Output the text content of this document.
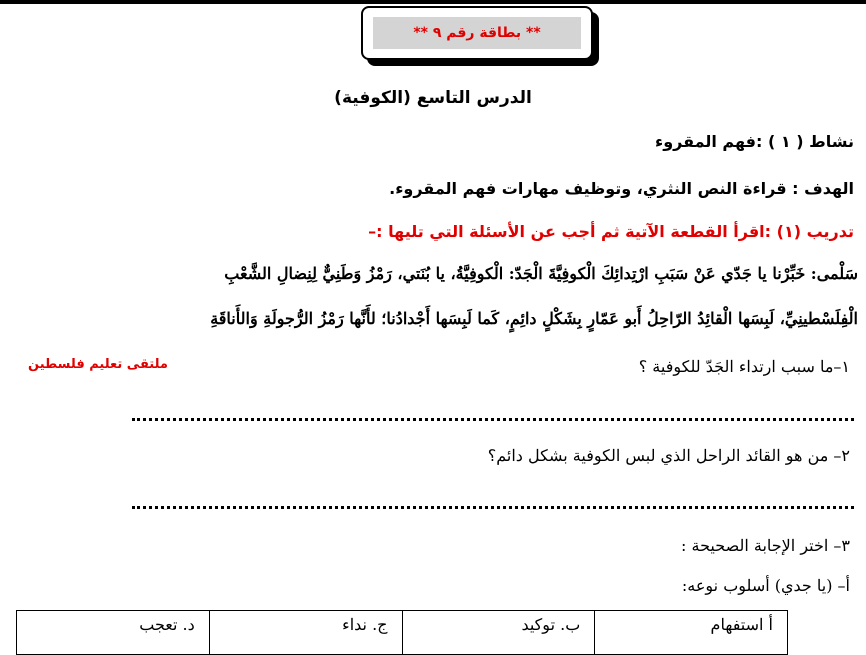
** بطاقة رقم ٩ **
الدرس التاسع (الكوفية)
نشاط ( ١ ) :فهم المقروء
الهدف : قراءة النص النثري، وتوظيف مهارات فهم المقروء.
تدريب (١) :اقرأ القطعة الآتية ثم أجب عن الأسئلة التي تليها :–
سَلْمى: خَبِّرْنا يا جَدّي عَنْ سَبَبِ ارْتِدائِكَ الْكوفِيَّةَ الْجَدّ: الْكوفِيَّةُ، يا بُنَتي، رَمْزُ وَطَنِيٌّ لِنِضالِ الشَّعْبِ
الْفِلَسْطينِيِّ، لَبِسَها الْقائِدُ الرّاحِلُ أَبو عَمّارٍ بِشَكْلٍ دائِمٍ، كَما لَبِسَها أَجْدادُنا؛ لأَنَّها رَمْزُ الرُّجولَةِ وَالأَناقَةِ
ملتقى تعليم فلسطين	١–ما سبب ارتداء الجَدّ للكوفية ؟
٢– من هو القائد الراحل الذي لبس الكوفية بشكل دائم؟
٣– اختر الإجابة الصحيحة :
أ– (يا جدي) أسلوب نوعه:
أ استفهام	ب. توكيد	ج. نداء	د. تعجب
